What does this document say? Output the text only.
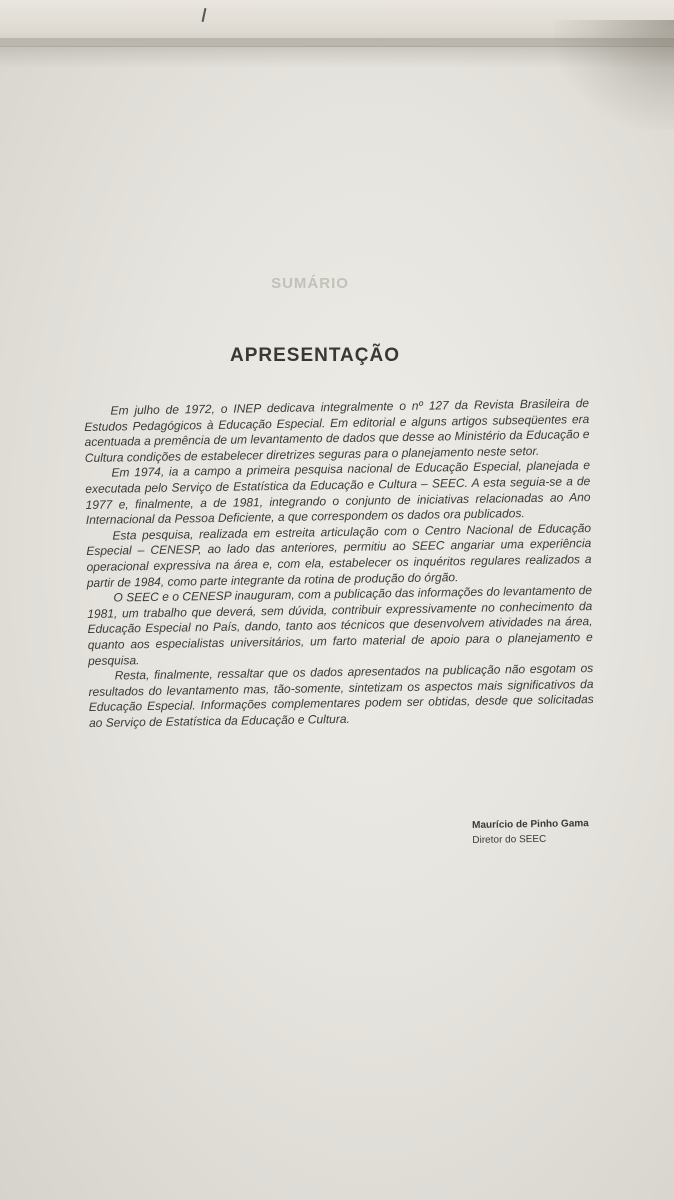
SUMÁRIO
APRESENTAÇÃO

Em julho de 1972, o INEP dedicava integralmente o nº 127 da Revista Brasileira de Estudos Pedagógicos à Educação Especial. Em editorial e alguns artigos subseqüentes era acentuada a premência de um levantamento de dados que desse ao Ministério da Educação e Cultura condições de estabelecer diretrizes seguras para o planejamento neste setor.

Em 1974, ia a campo a primeira pesquisa nacional de Educação Especial, planejada e executada pelo Serviço de Estatística da Educação e Cultura – SEEC. A esta seguia-se a de 1977 e, finalmente, a de 1981, integrando o conjunto de iniciativas relacionadas ao Ano Internacional da Pessoa Deficiente, a que correspondem os dados ora publicados.

Esta pesquisa, realizada em estreita articulação com o Centro Nacional de Educação Especial – CENESP, ao lado das anteriores, permitiu ao SEEC angariar uma experiência operacional expressiva na área e, com ela, estabelecer os inquéritos regulares realizados a partir de 1984, como parte integrante da rotina de produção do órgão.

O SEEC e o CENESP inauguram, com a publicação das informações do levantamento de 1981, um trabalho que deverá, sem dúvida, contribuir expressivamente no conhecimento da Educação Especial no País, dando, tanto aos técnicos que desenvolvem atividades na área, quanto aos especialistas universitários, um farto material de apoio para o planejamento e pesquisa.

Resta, finalmente, ressaltar que os dados apresentados na publicação não esgotam os resultados do levantamento mas, tão-somente, sintetizam os aspectos mais significativos da Educação Especial. Informações complementares podem ser obtidas, desde que solicitadas ao Serviço de Estatística da Educação e Cultura.

Maurício de Pinho Gama
Diretor do SEEC
